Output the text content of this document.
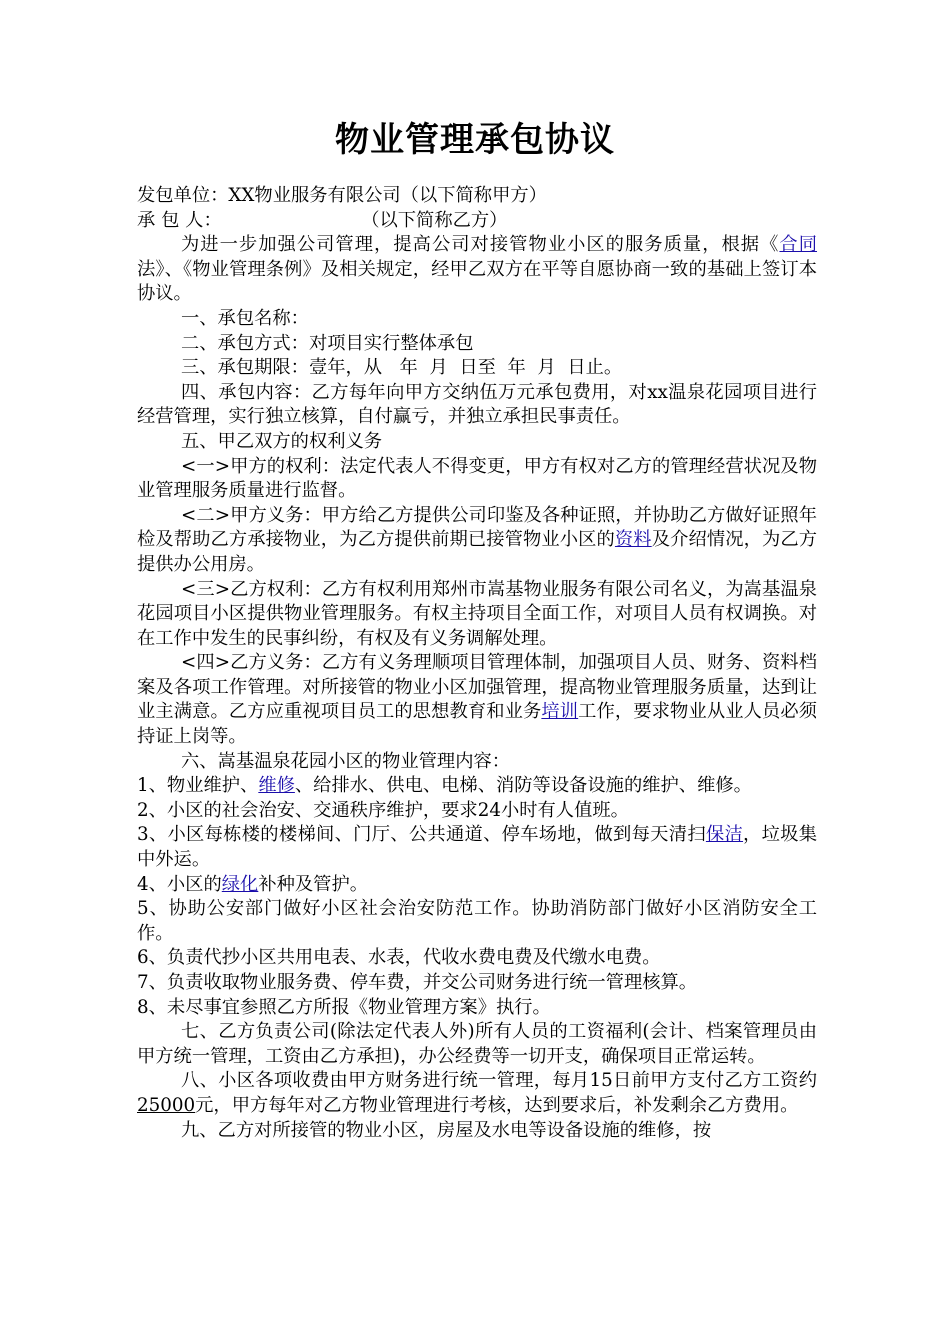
物业管理承包协议

发包单位：XX物业服务有限公司（以下简称甲方）

承 包 人：                        （以下简称乙方）

为进一步加强公司管理，提高公司对接管物业小区的服务质量，根据《合同法》、《物业管理条例》及相关规定，经甲乙双方在平等自愿协商一致的基础上签订本协议。

一、承包名称：

二、承包方式：对项目实行整体承包

三、承包期限：壹年，从   年  月  日至  年  月  日止。

四、承包内容：乙方每年向甲方交纳伍万元承包费用，对xx温泉花园项目进行经营管理，实行独立核算，自付赢亏，并独立承担民事责任。

五、甲乙双方的权利义务

<一>甲方的权利：法定代表人不得变更，甲方有权对乙方的管理经营状况及物业管理服务质量进行监督。

<二>甲方义务：甲方给乙方提供公司印鉴及各种证照，并协助乙方做好证照年检及帮助乙方承接物业，为乙方提供前期已接管物业小区的资料及介绍情况，为乙方提供办公用房。

<三>乙方权利：乙方有权利用郑州市嵩基物业服务有限公司名义，为嵩基温泉花园项目小区提供物业管理服务。有权主持项目全面工作，对项目人员有权调换。对在工作中发生的民事纠纷，有权及有义务调解处理。

<四>乙方义务：乙方有义务理顺项目管理体制，加强项目人员、财务、资料档案及各项工作管理。对所接管的物业小区加强管理，提高物业管理服务质量，达到让业主满意。乙方应重视项目员工的思想教育和业务培训工作，要求物业从业人员必须持证上岗等。

六、嵩基温泉花园小区的物业管理内容：

1、物业维护、维修、给排水、供电、电梯、消防等设备设施的维护、维修。

2、小区的社会治安、交通秩序维护，要求24小时有人值班。

3、小区每栋楼的楼梯间、门厅、公共通道、停车场地，做到每天清扫保洁，垃圾集中外运。

4、小区的绿化补种及管护。

5、协助公安部门做好小区社会治安防范工作。协助消防部门做好小区消防安全工作。

6、负责代抄小区共用电表、水表，代收水费电费及代缴水电费。

7、负责收取物业服务费、停车费，并交公司财务进行统一管理核算。

8、未尽事宜参照乙方所报《物业管理方案》执行。

七、乙方负责公司(除法定代表人外)所有人员的工资福利(会计、档案管理员由甲方统一管理，工资由乙方承担)，办公经费等一切开支，确保项目正常运转。

八、小区各项收费由甲方财务进行统一管理，每月15日前甲方支付乙方工资约25000元，甲方每年对乙方物业管理进行考核，达到要求后，补发剩余乙方费用。

九、乙方对所接管的物业小区，房屋及水电等设备设施的维修，按
